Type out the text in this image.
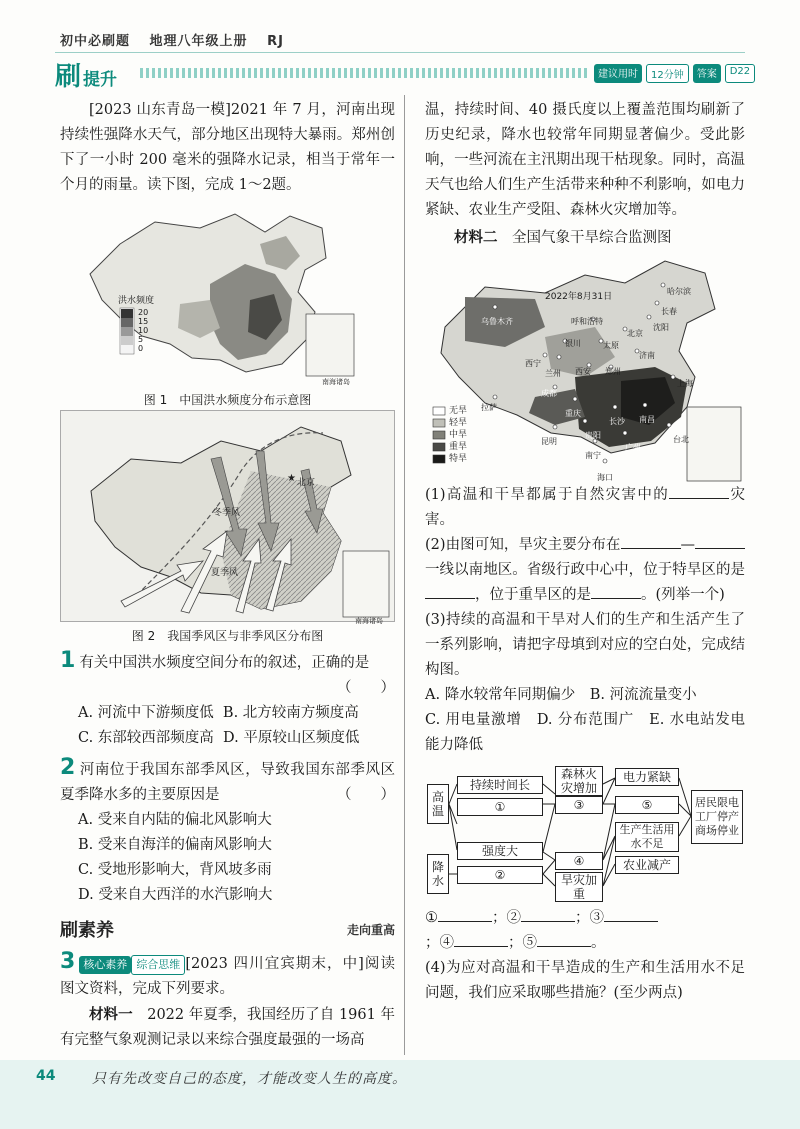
初中必刷题 地理八年级上册 RJ
刷提升	建议用时	12分钟	答案	D22

[2023 山东青岛一模]2021 年 7 月，河南出现持续性强降水天气，部分地区出现特大暴雨。郑州创下了一小时 200 毫米的强降水记录，相当于常年一个月的雨量。读下图，完成 1～2题。

洪水频度
20
15
10
5
0
南海诸岛
图 1　中国洪水频度分布示意图
★ 北京
冬季风
夏季风
南海诸岛
图 2　我国季风区与非季风区分布图

1 有关中国洪水频度空间分布的叙述，正确的是

（　　）

A. 河流中下游频度低 B. 北方较南方频度高

C. 东部较西部频度高 D. 平原较山区频度低

2 河南位于我国东部季风区，导致我国东部季风区夏季降水多的主要原因是	（　　）

A. 受来自内陆的偏北风影响大

B. 受来自海洋的偏南风影响大

C. 受地形影响大，背风坡多雨

D. 受来自大西洋的水汽影响大

刷素养	走向重高

3 核心素养 综合思维 [2023 四川宜宾期末，中]阅读图文资料，完成下列要求。

材料一　 2022 年夏季，我国经历了自 1961 年有完整气象观测记录以来综合强度最强的一场高

温，持续时间、40 摄氏度以上覆盖范围均刷新了历史纪录，降水也较常年同期显著偏少。受此影响，一些河流在主汛期出现干枯现象。同时，高温天气也给人们生产生活带来种种不利影响，如电力紧缺、农业生产受阻、森林火灾增加等。

材料二　 全国气象干旱综合监测图

2022年8月31日
无旱
轻旱
中旱
重旱
特旱
哈尔滨
长春
沈阳
乌鲁木齐	呼和浩特
北京
银川	太原
济南
西宁
兰州 西安 郑州
上海
拉萨
成都
重庆
长沙 南昌
台北
贵阳
昆明
广州
南宁
海口

(1)高温和干旱都属于自然灾害中的	灾害。

(2)由图可知，旱灾主要分布在	—一线以南地区。省级行政中心中，位于特旱区的是，位于重旱区的是	。(列举一个)

(3)持续的高温和干旱对人们的生产和生活产生了一系列影响，请把字母填到对应的空白处，完成结构图。

A. 降水较常年同期偏少　 B. 河流流量变小

C. 用电量激增　 D. 分布范围广　 E. 水电站发电能力降低

高温
降水
持续时间长
①
强度大
②
森林火灾增加
③
④
旱灾加重
电力紧缺
⑤
生产生活用水不足
农业减产
居民限电工厂停产商场停业

①	；②	；③

；④	；⑤	。

(4)为应对高温和干旱造成的生产和生活用水不足问题，我们应采取哪些措施？(至少两点)

44	只有先改变自己的态度，才能改变人生的高度。
